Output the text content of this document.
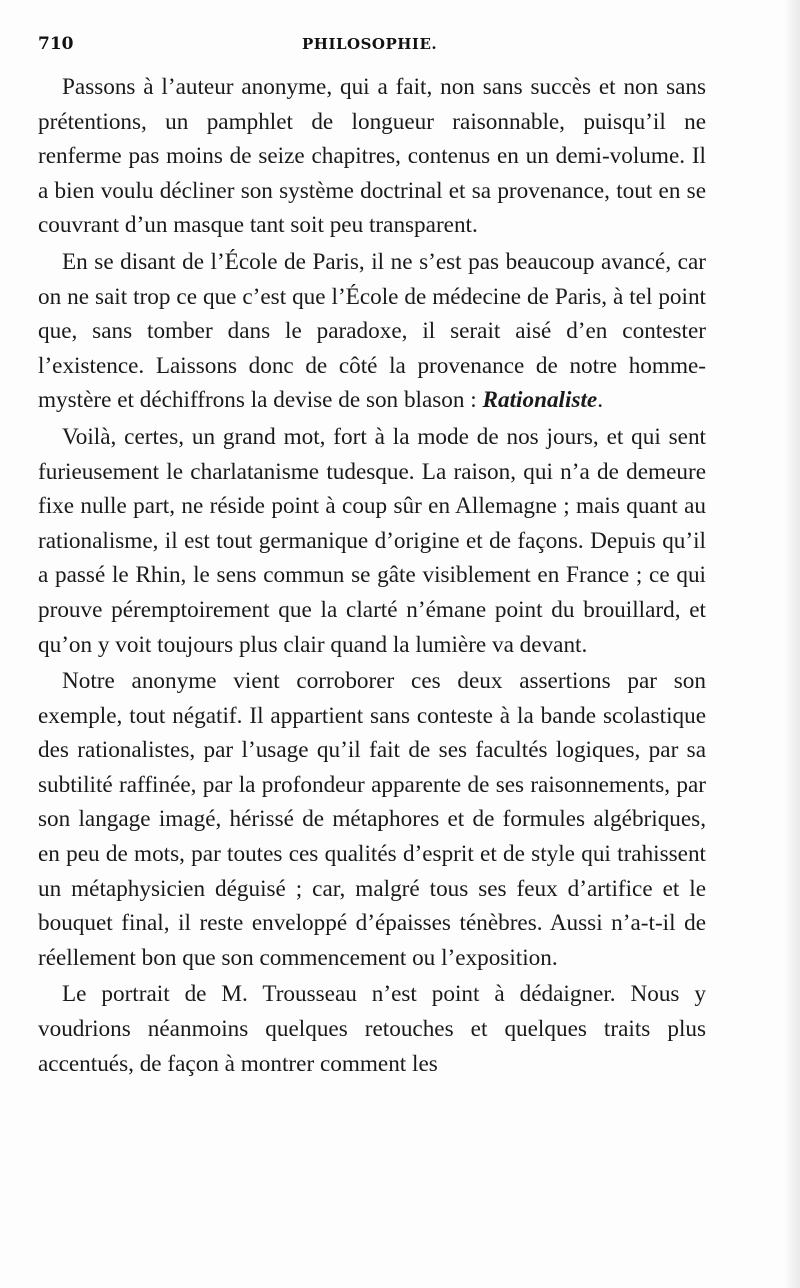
710	PHILOSOPHIE.

Passons à l’auteur anonyme, qui a fait, non sans succès et non sans prétentions, un pamphlet de longueur raisonnable, puisqu’il ne renferme pas moins de seize chapitres, contenus en un demi-volume. Il a bien voulu décliner son système doctrinal et sa provenance, tout en se couvrant d’un masque tant soit peu transparent.

En se disant de l’École de Paris, il ne s’est pas beaucoup avancé, car on ne sait trop ce que c’est que l’École de médecine de Paris, à tel point que, sans tomber dans le paradoxe, il serait aisé d’en contester l’existence. Laissons donc de côté la provenance de notre homme-mystère et déchiffrons la devise de son blason : Rationaliste.

Voilà, certes, un grand mot, fort à la mode de nos jours, et qui sent furieusement le charlatanisme tudesque. La raison, qui n’a de demeure fixe nulle part, ne réside point à coup sûr en Allemagne ; mais quant au rationalisme, il est tout germanique d’origine et de façons. Depuis qu’il a passé le Rhin, le sens commun se gâte visiblement en France ; ce qui prouve péremptoirement que la clarté n’émane point du brouillard, et qu’on y voit toujours plus clair quand la lumière va devant.

Notre anonyme vient corroborer ces deux assertions par son exemple, tout négatif. Il appartient sans conteste à la bande scolastique des rationalistes, par l’usage qu’il fait de ses facultés logiques, par sa subtilité raffinée, par la profondeur apparente de ses raisonnements, par son langage imagé, hérissé de métaphores et de formules algébriques, en peu de mots, par toutes ces qualités d’esprit et de style qui trahissent un métaphysicien déguisé ; car, malgré tous ses feux d’artifice et le bouquet final, il reste enveloppé d’épaisses ténèbres. Aussi n’a-t-il de réellement bon que son commencement ou l’exposition.

Le portrait de M. Trousseau n’est point à dédaigner. Nous y voudrions néanmoins quelques retouches et quelques traits plus accentués, de façon à montrer comment les
